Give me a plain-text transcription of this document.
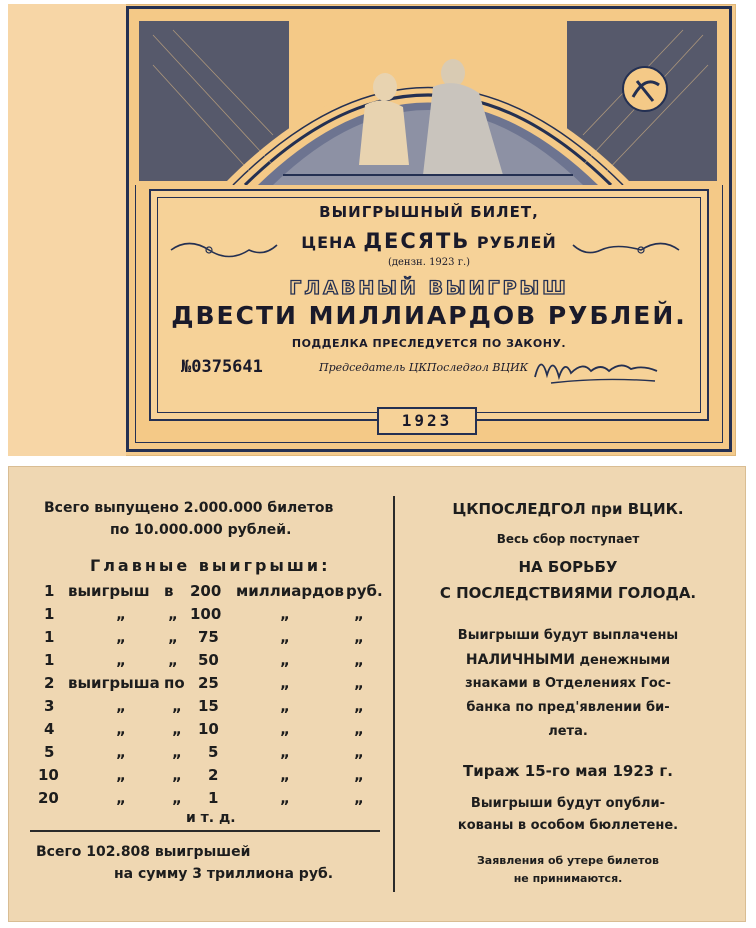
ВЫИГРЫШНЫЙ БИЛЕТ,
ЦЕНА ДЕСЯТЬ РУБЛЕЙ
(дензн. 1923 г.)
ГЛАВНЫЙ ВЫИГРЫШ
ДВЕСТИ МИЛЛИАРДОВ РУБЛЕЙ.
ПОДДЕЛКА ПРЕСЛЕДУЕТСЯ ПО ЗАКОНУ.
№0375641	Председатель ЦКПоследгол ВЦИК
1923
Всего выпущено 2.000.000 билетов
по 10.000.000 рублей.
Главные выигрыши:
1 выигрыш в 200 миллиардов руб.
1	„	„ 100	„	„
1	„	„ 75	„	„
1	„	„ 50	„	„
2 выигрыша по 25	„	„
3	„	„ 15	„	„
4	„	„ 10	„	„
5	„	„ 5	„	„
10	„	„ 2	„	„
20	„	„ 1	„	„
и т. д.
Всего 102.808 выигрышей
на сумму 3 триллиона руб.
ЦКПОСЛЕДГОЛ при ВЦИК.
Весь сбор поступает
НА БОРЬБУ
С ПОСЛЕДСТВИЯМИ ГОЛОДА.
Выигрыши будут выплачены
НАЛИЧНЫМИ денежными
знаками в Отделениях Гос-
банка по пред'явлении би-
лета.
Тираж 15-го мая 1923 г.
Выигрыши будут опубли-
кованы в особом бюллетене.
Заявления об утере билетов
не принимаются.
